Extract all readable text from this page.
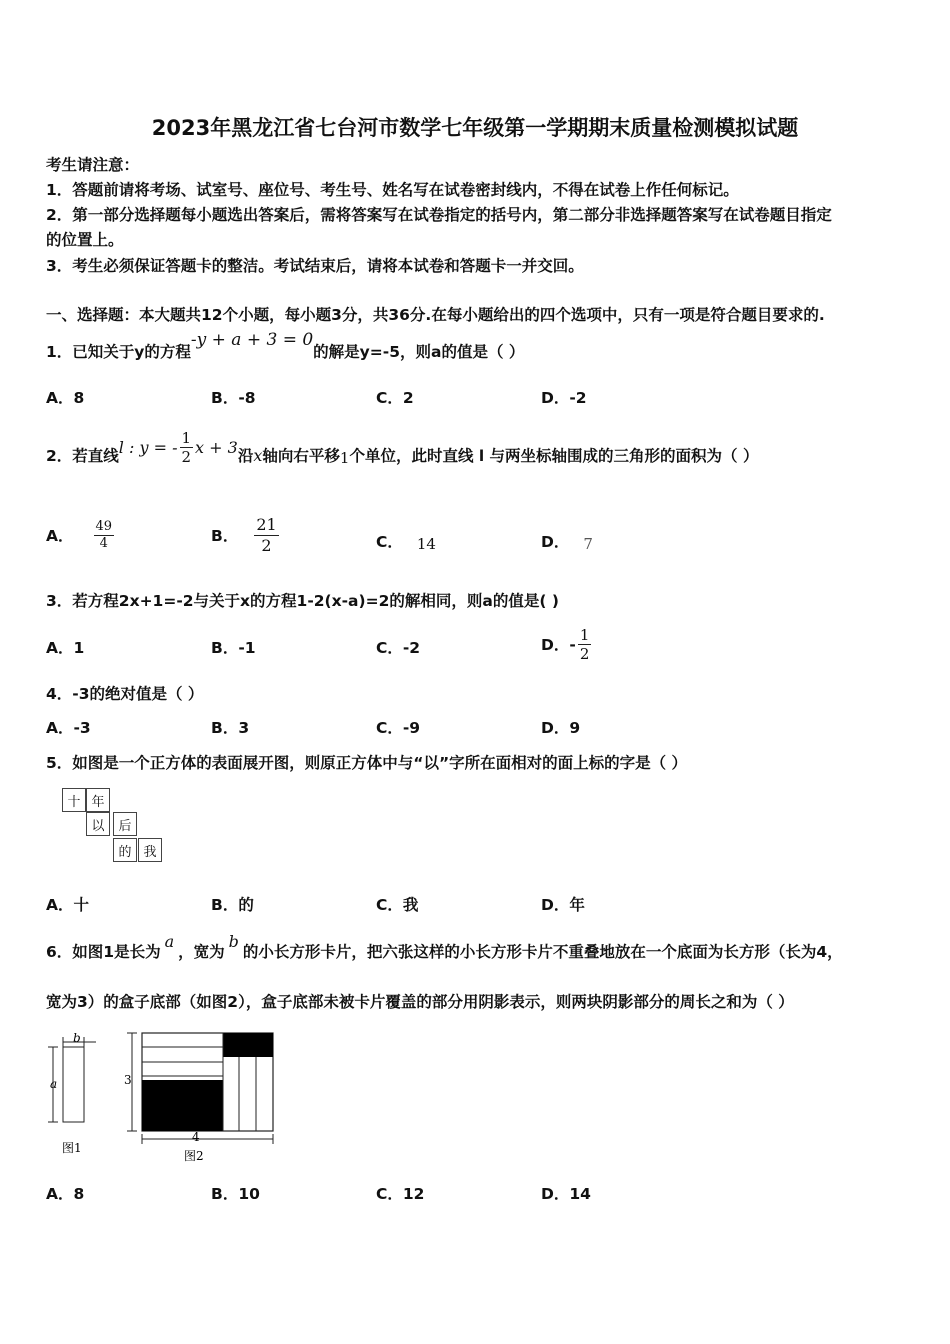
2023年黑龙江省七台河市数学七年级第一学期期末质量检测模拟试题
考生请注意：
1．答题前请将考场、试室号、座位号、考生号、姓名写在试卷密封线内，不得在试卷上作任何标记。
2．第一部分选择题每小题选出答案后，需将答案写在试卷指定的括号内，第二部分非选择题答案写在试卷题目指定
的位置上。
3．考生必须保证答题卡的整洁。考试结束后，请将本试卷和答题卡一并交回。
一、选择题：本大题共12个小题，每小题3分，共36分.在每小题给出的四个选项中，只有一项是符合题目要求的.
1．已知关于y的方程-y + a + 3 = 0的解是y=-5，则a的值是（ ）
A．8	B．-8	C．2	D．-2
2．若直线 l : y = - $\frac{1}{2}$ x + 3 沿 x 轴向右平移 1 个单位，此时直线 l 与两坐标轴围成的三角形的面积为（ ）
A． $\frac{49}{4}$	B． $\frac{21}{2}$	C． 14	D． 7
3．若方程2x+1=-2与关于x的方程1-2(x-a)=2的解相同，则a的值是( )
A．1	B．-1	C．-2	D．- $\frac{1}{2}$
4．-3的绝对值是（ ）
A．-3	B．3	C．-9	D．9
5．如图是一个正方体的表面展开图，则原正方体中与“以”字所在面相对的面上标的字是（ ）
十 年
以	后
的 我
A．十	B．的	C．我	D．年
6．如图1是长为a，宽为b的小长方形卡片，把六张这样的小长方形卡片不重叠地放在一个底面为长方形（长为4，
宽为3）的盒子底部（如图2），盒子底部未被卡片覆盖的部分用阴影表示，则两块阴影部分的周长之和为（ ）
b
a
图1
3
4
图2
A．8	B．10	C．12	D．14
